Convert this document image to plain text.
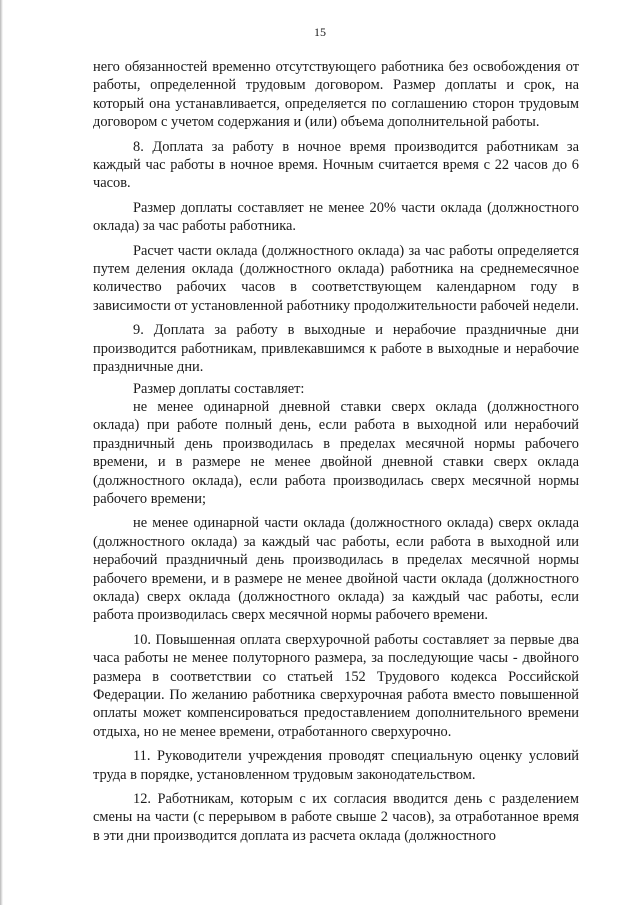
15

него обязанностей временно отсутствующего работника без освобождения от работы, определенной трудовым договором. Размер доплаты и срок, на который она устанавливается, определяется по соглашению сторон трудовым договором с учетом содержания и (или) объема дополнительной работы.

8. Доплата за работу в ночное время производится работникам за каждый час работы в ночное время. Ночным считается время с 22 часов до 6 часов.

Размер доплаты составляет не менее 20% части оклада (должностного оклада) за час работы работника.

Расчет части оклада (должностного оклада) за час работы определяется путем деления оклада (должностного оклада) работника на среднемесячное количество рабочих часов в соответствующем календарном году в зависимости от установленной работнику продолжительности рабочей недели.

9. Доплата за работу в выходные и нерабочие праздничные дни производится работникам, привлекавшимся к работе в выходные и нерабочие праздничные дни.

Размер доплаты составляет:

не менее одинарной дневной ставки сверх оклада (должностного оклада) при работе полный день, если работа в выходной или нерабочий праздничный день производилась в пределах месячной нормы рабочего времени, и в размере не менее двойной дневной ставки сверх оклада (должностного оклада), если работа производилась сверх месячной нормы рабочего времени;

не менее одинарной части оклада (должностного оклада) сверх оклада (должностного оклада) за каждый час работы, если работа в выходной или нерабочий праздничный день производилась в пределах месячной нормы рабочего времени, и в размере не менее двойной части оклада (должностного оклада) сверх оклада (должностного оклада) за каждый час работы, если работа производилась сверх месячной нормы рабочего времени.

10. Повышенная оплата сверхурочной работы составляет за первые два часа работы не менее полуторного размера, за последующие часы - двойного размера в соответствии со статьей 152 Трудового кодекса Российской Федерации. По желанию работника сверхурочная работа вместо повышенной оплаты может компенсироваться предоставлением дополнительного времени отдыха, но не менее времени, отработанного сверхурочно.

11. Руководители учреждения проводят специальную оценку условий труда в порядке, установленном трудовым законодательством.

12. Работникам, которым с их согласия вводится день с разделением смены на части (с перерывом в работе свыше 2 часов), за отработанное время в эти дни производится доплата из расчета оклада (должностного
